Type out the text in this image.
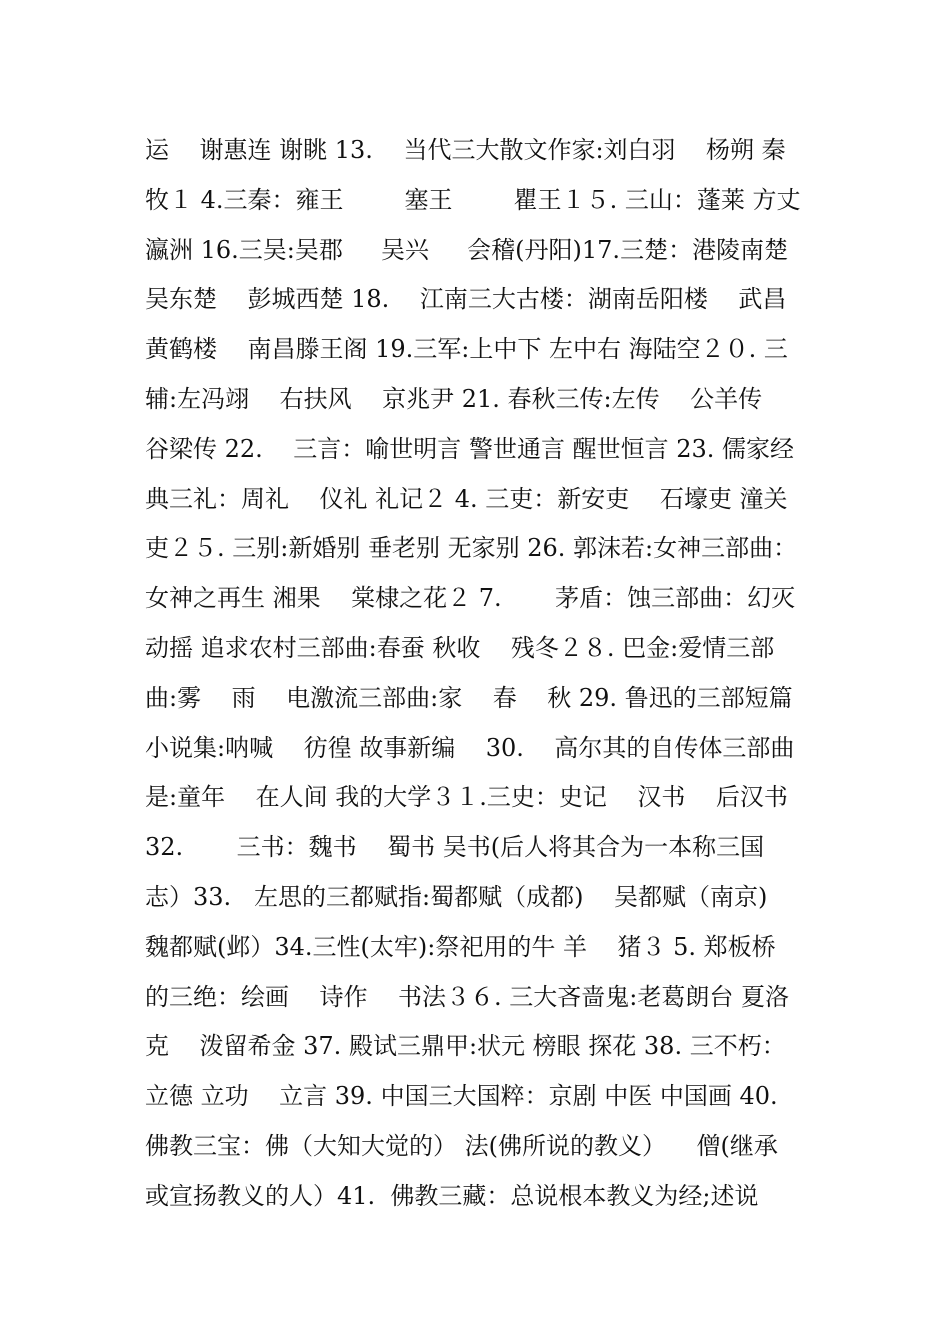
运    谢惠连 谢眺 13.    当代三大散文作家:刘白羽    杨朔 秦
牧１ 4.三秦：雍王        塞王        瞿王１５. 三山：蓬莱 方丈
瀛洲 16.三吴:吴郡     吴兴     会稽(丹阳)17.三楚：港陵南楚
吴东楚    彭城西楚 18.    江南三大古楼：湖南岳阳楼    武昌
黄鹤楼    南昌滕王阁 19.三军:上中下 左中右 海陆空２０. 三
辅:左冯翊    右扶风    京兆尹 21. 春秋三传:左传    公羊传
谷梁传 22.    三言：喻世明言 警世通言 醒世恒言 23. 儒家经
典三礼：周礼    仪礼 礼记２ 4. 三吏：新安吏    石壕吏 潼关
吏２５. 三别:新婚别 垂老别 无家别 26. 郭沫若:女神三部曲：
女神之再生 湘果    棠棣之花２ 7.       茅盾：蚀三部曲：幻灭
动摇 追求农村三部曲:春蚕 秋收    残冬２８. 巴金:爱情三部
曲:雾    雨    电激流三部曲:家    春    秋 29. 鲁迅的三部短篇
小说集:呐喊    彷徨 故事新编    30.    高尔其的自传体三部曲
是:童年    在人间 我的大学３１.三史：史记    汉书    后汉书
32.       三书：魏书    蜀书 吴书(后人将其合为一本称三国
志）33.   左思的三都赋指:蜀都赋（成都)    吴都赋（南京)
魏都赋(邺）34.三性(太牢):祭祀用的牛 羊    猪３ 5. 郑板桥
的三绝：绘画    诗作    书法３６. 三大吝啬鬼:老葛朗台 夏洛
克    泼留希金 37. 殿试三鼎甲:状元 榜眼 探花 38. 三不朽：
立德 立功    立言 39. 中国三大国粹：京剧 中医 中国画 40.
佛教三宝：佛（大知大觉的） 法(佛所说的教义）    僧(继承
或宣扬教义的人）41.  佛教三藏：总说根本教义为经;述说
